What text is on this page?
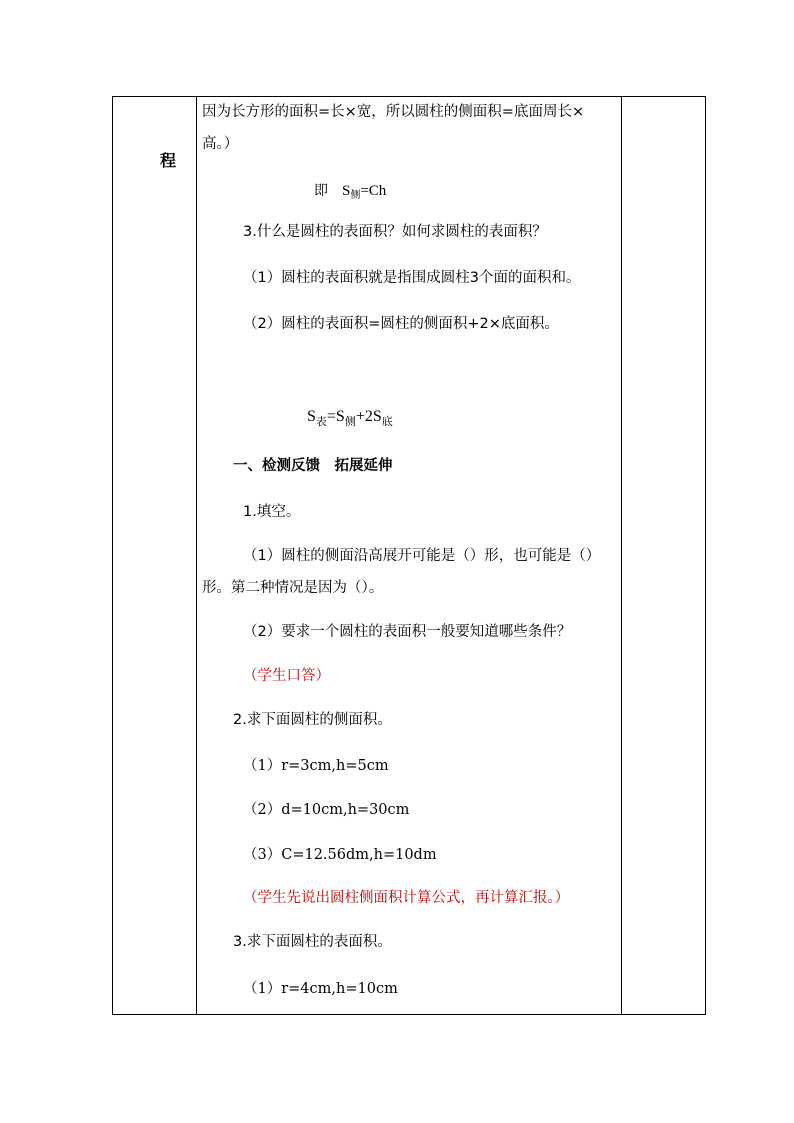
程
因为长方形的面积=长×宽，所以圆柱的侧面积=底面周长×
高。）
即 $S_侧=Ch$
3.什么是圆柱的表面积？如何求圆柱的表面积？
（1）圆柱的表面积就是指围成圆柱3个面的面积和。
（2）圆柱的表面积=圆柱的侧面积+2×底面积。
$S_表=S_侧+2S_底$
一、检测反馈　拓展延伸
1.填空。
（1）圆柱的侧面沿高展开可能是（）形，也可能是（）
形。第二种情况是因为（）。
（2）要求一个圆柱的表面积一般要知道哪些条件？
（学生口答）
2.求下面圆柱的侧面积。
（1）r=3cm,h=5cm
（2）d=10cm,h=30cm
（3）C=12.56dm,h=10dm
（学生先说出圆柱侧面积计算公式，再计算汇报。）
3.求下面圆柱的表面积。
（1）r=4cm,h=10cm
